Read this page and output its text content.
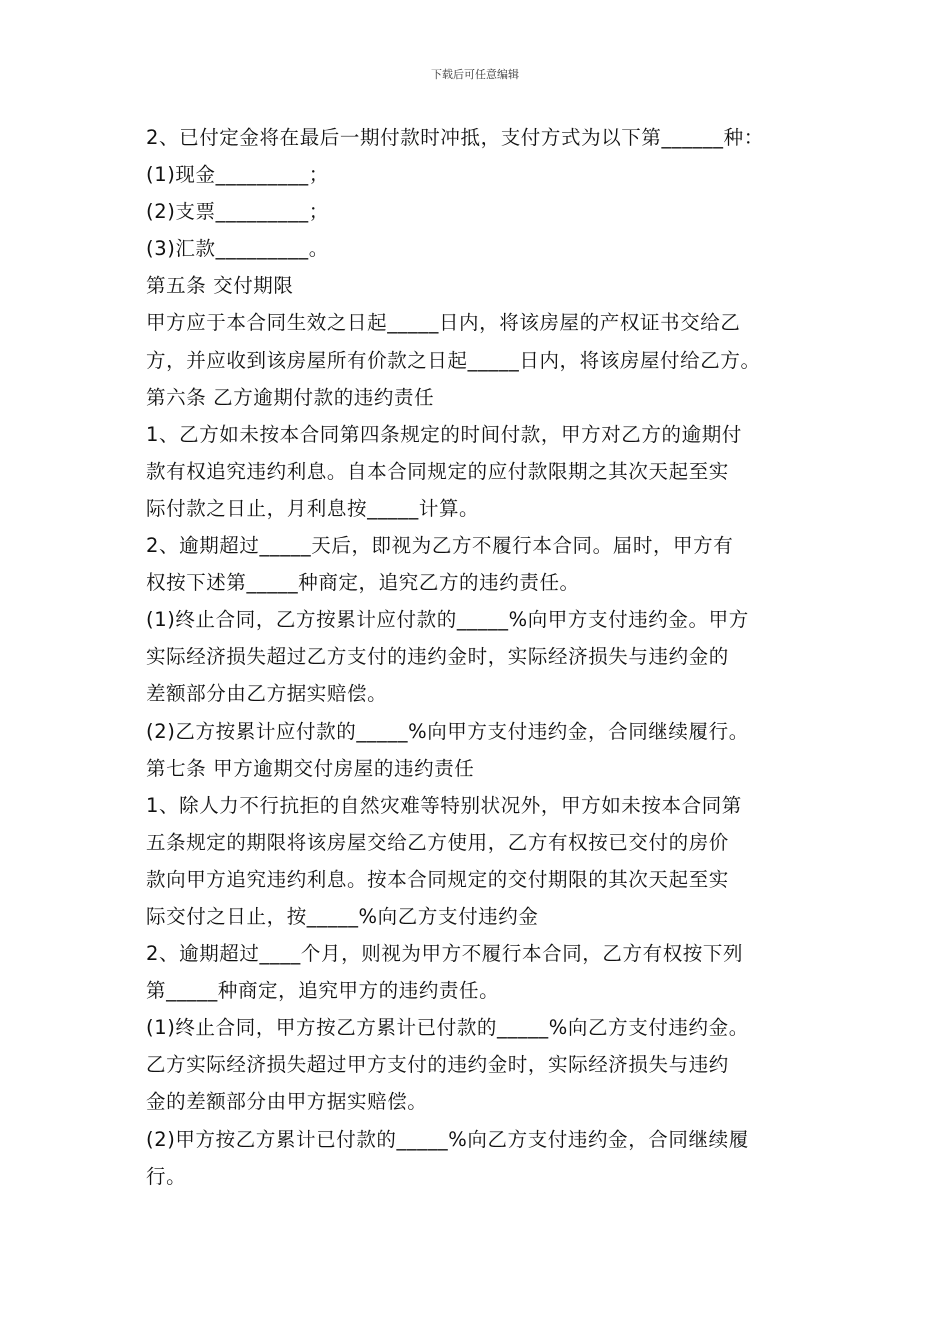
下载后可任意编辑
2、已付定金将在最后一期付款时冲抵，支付方式为以下第______种：
(1)现金_________；
(2)支票_________；
(3)汇款_________。
第五条 交付期限
甲方应于本合同生效之日起_____日内，将该房屋的产权证书交给乙
方，并应收到该房屋所有价款之日起_____日内，将该房屋付给乙方。
第六条 乙方逾期付款的违约责任
1、乙方如未按本合同第四条规定的时间付款，甲方对乙方的逾期付
款有权追究违约利息。自本合同规定的应付款限期之其次天起至实
际付款之日止，月利息按_____计算。
2、逾期超过_____天后，即视为乙方不履行本合同。届时，甲方有
权按下述第_____种商定，追究乙方的违约责任。
(1)终止合同，乙方按累计应付款的_____%向甲方支付违约金。甲方
实际经济损失超过乙方支付的违约金时，实际经济损失与违约金的
差额部分由乙方据实赔偿。
(2)乙方按累计应付款的_____%向甲方支付违约金，合同继续履行。
第七条 甲方逾期交付房屋的违约责任
1、除人力不行抗拒的自然灾难等特别状况外，甲方如未按本合同第
五条规定的期限将该房屋交给乙方使用，乙方有权按已交付的房价
款向甲方追究违约利息。按本合同规定的交付期限的其次天起至实
际交付之日止，按_____%向乙方支付违约金
2、逾期超过____个月，则视为甲方不履行本合同，乙方有权按下列
第_____种商定，追究甲方的违约责任。
(1)终止合同，甲方按乙方累计已付款的_____%向乙方支付违约金。
乙方实际经济损失超过甲方支付的违约金时，实际经济损失与违约
金的差额部分由甲方据实赔偿。
(2)甲方按乙方累计已付款的_____%向乙方支付违约金，合同继续履
行。
